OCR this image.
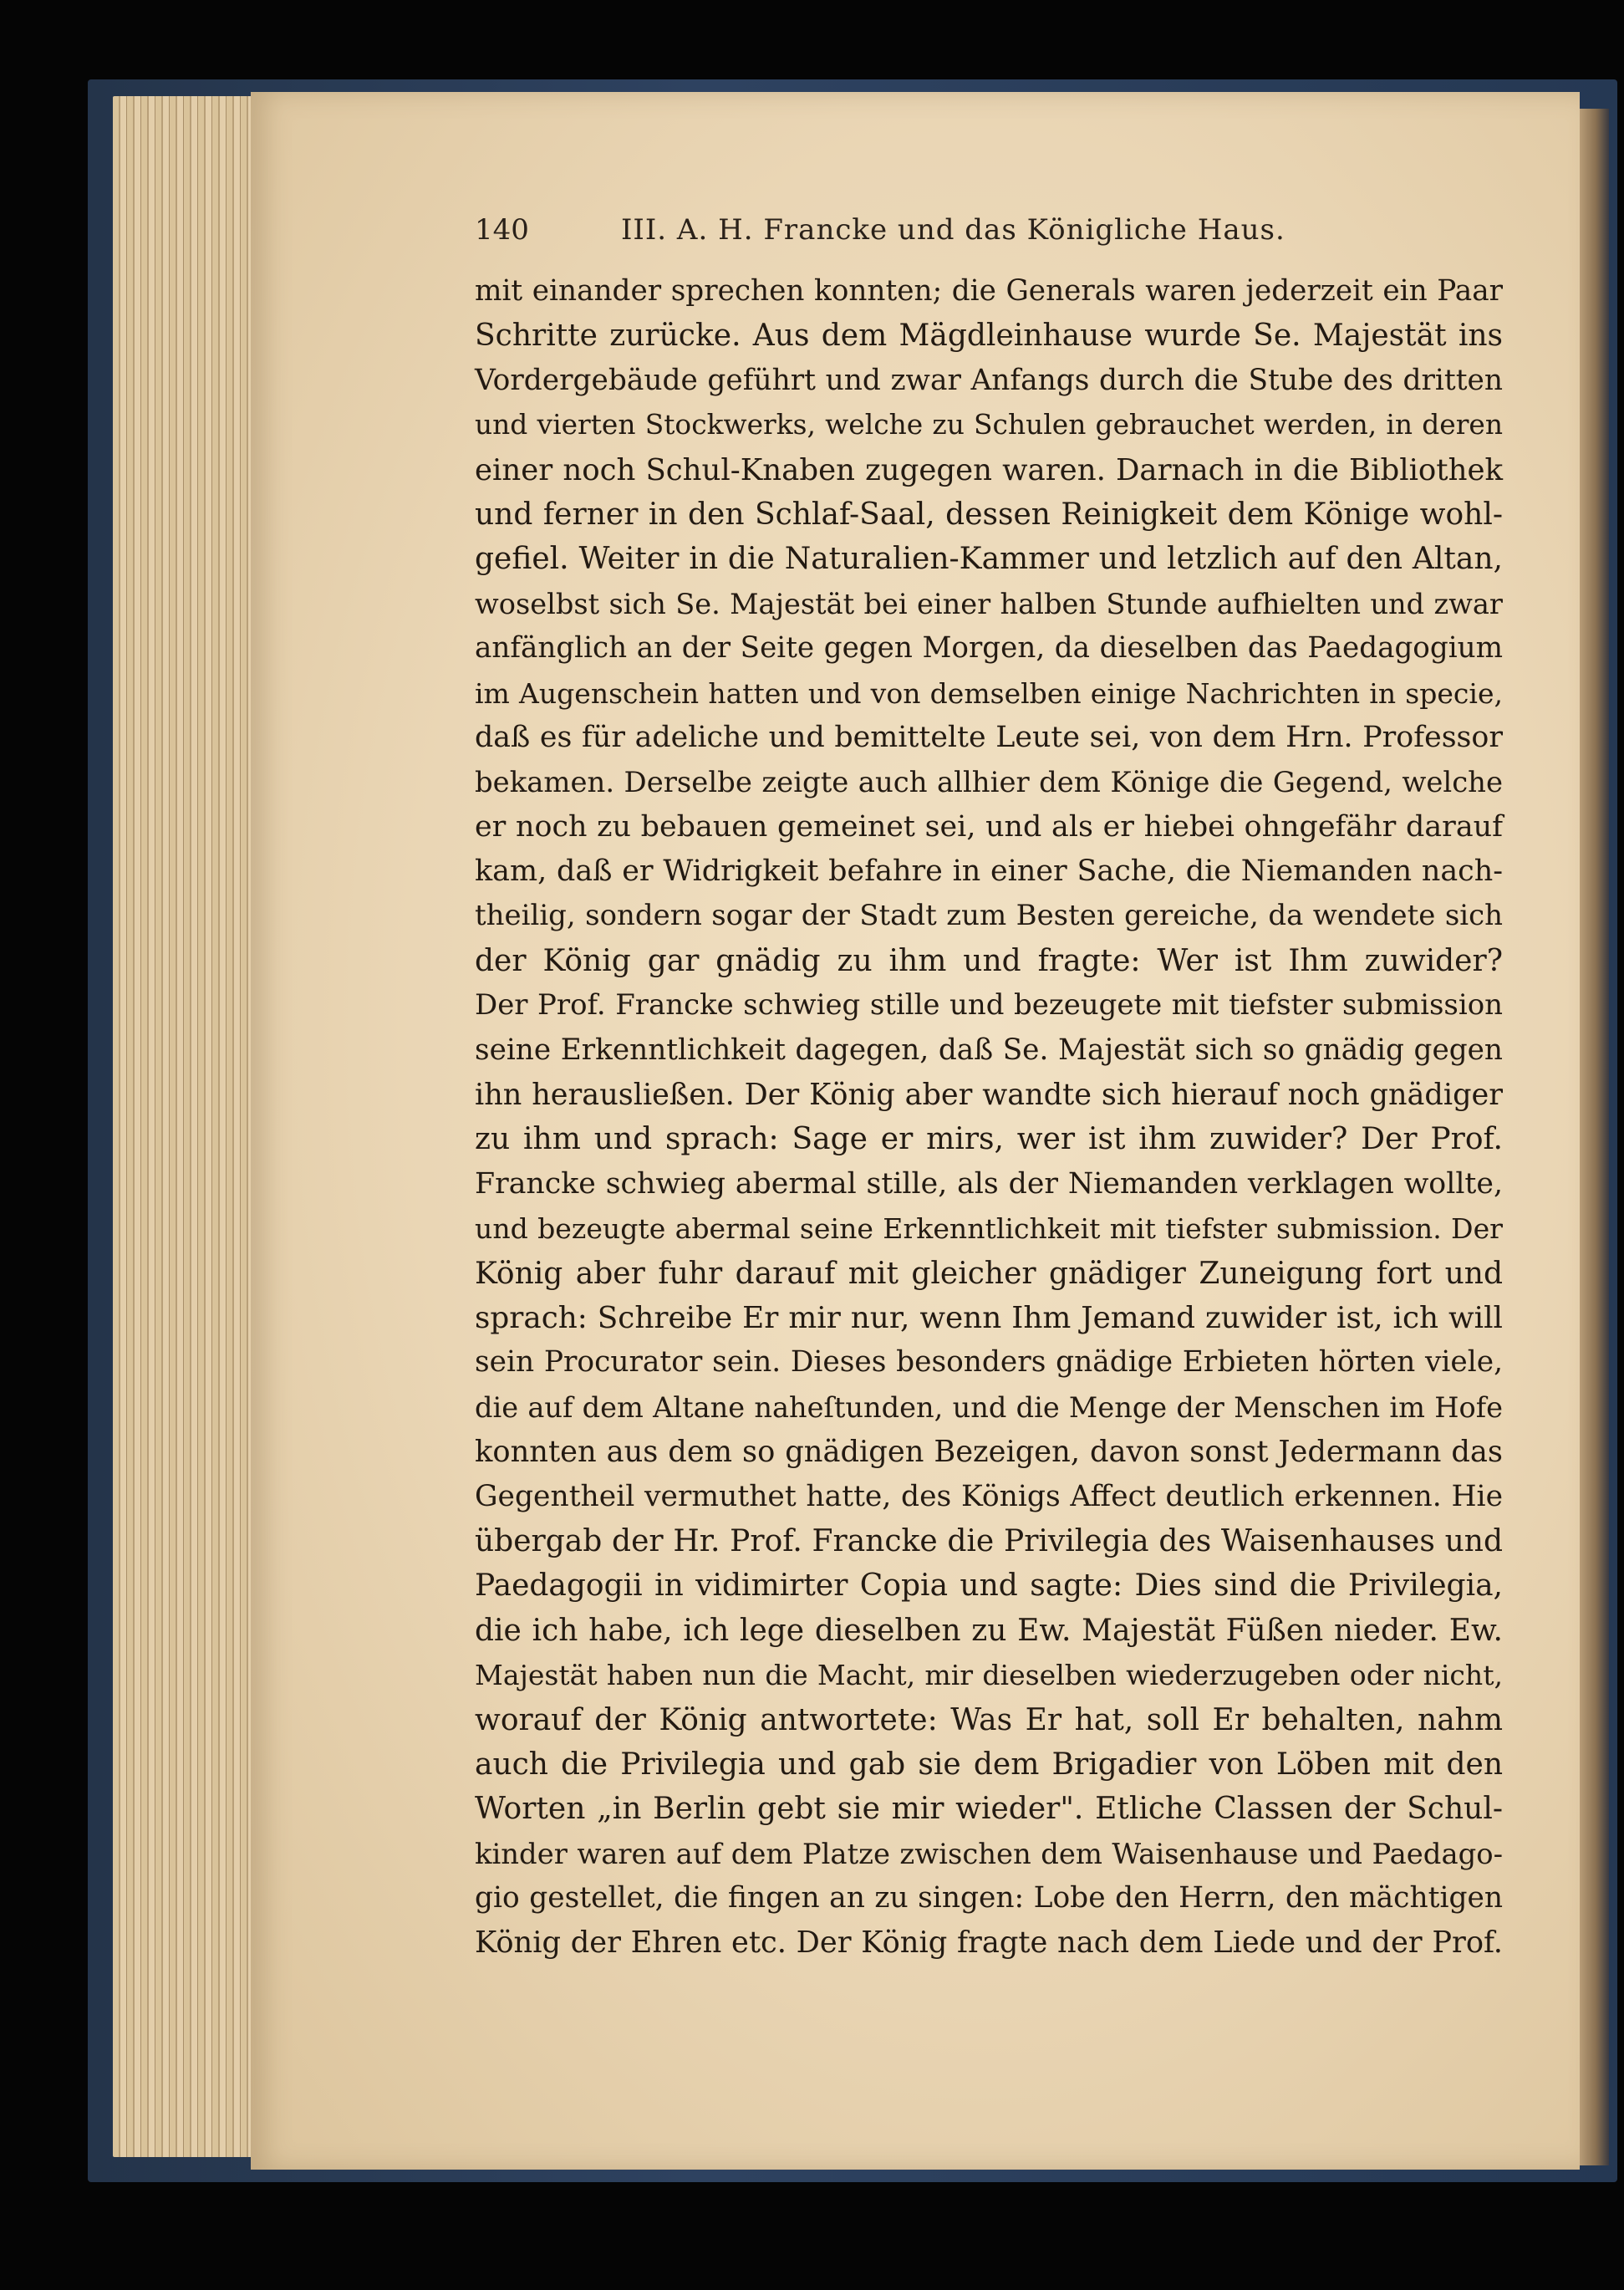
140	III. A. H. Francke und das Königliche Haus.
mit einander sprechen konnten; die Generals waren jederzeit ein Paar
Schritte zurücke. Aus dem Mägdleinhause wurde Se. Majestät ins
Vordergebäude geführt und zwar Anfangs durch die Stube des dritten
und vierten Stockwerks, welche zu Schulen gebrauchet werden, in deren
einer noch Schul-Knaben zugegen waren. Darnach in die Bibliothek
und ferner in den Schlaf-Saal, dessen Reinigkeit dem Könige wohl-
gefiel. Weiter in die Naturalien-Kammer und letzlich auf den Altan,
woselbst sich Se. Majestät bei einer halben Stunde aufhielten und zwar
anfänglich an der Seite gegen Morgen, da dieselben das Paedagogium
im Augenschein hatten und von demselben einige Nachrichten in specie,
daß es für adeliche und bemittelte Leute sei, von dem Hrn. Professor
bekamen. Derselbe zeigte auch allhier dem Könige die Gegend, welche
er noch zu bebauen gemeinet sei, und als er hiebei ohngefähr darauf
kam, daß er Widrigkeit befahre in einer Sache, die Niemanden nach-
theilig, sondern sogar der Stadt zum Besten gereiche, da wendete sich
der König gar gnädig zu ihm und fragte: Wer ist Ihm zuwider?
Der Prof. Francke schwieg stille und bezeugete mit tiefster submission
seine Erkenntlichkeit dagegen, daß Se. Majestät sich so gnädig gegen
ihn herausließen. Der König aber wandte sich hierauf noch gnädiger
zu ihm und sprach: Sage er mirs, wer ist ihm zuwider? Der Prof.
Francke schwieg abermal stille, als der Niemanden verklagen wollte,
und bezeugte abermal seine Erkenntlichkeit mit tiefster submission. Der
König aber fuhr darauf mit gleicher gnädiger Zuneigung fort und
sprach: Schreibe Er mir nur, wenn Ihm Jemand zuwider ist, ich will
sein Procurator sein. Dieses besonders gnädige Erbieten hörten viele,
die auf dem Altane naheſtunden, und die Menge der Menschen im Hofe
konnten aus dem so gnädigen Bezeigen, davon sonst Jedermann das
Gegentheil vermuthet hatte, des Königs Affect deutlich erkennen. Hie
übergab der Hr. Prof. Francke die Privilegia des Waisenhauses und
Paedagogii in vidimirter Copia und sagte: Dies sind die Privilegia,
die ich habe, ich lege dieselben zu Ew. Majestät Füßen nieder. Ew.
Majestät haben nun die Macht, mir dieselben wiederzugeben oder nicht,
worauf der König antwortete: Was Er hat, soll Er behalten, nahm
auch die Privilegia und gab sie dem Brigadier von Löben mit den
Worten „in Berlin gebt sie mir wieder". Etliche Classen der Schul-
kinder waren auf dem Platze zwischen dem Waisenhause und Paedago-
gio gestellet, die fingen an zu singen: Lobe den Herrn, den mächtigen
König der Ehren etc. Der König fragte nach dem Liede und der Prof.
